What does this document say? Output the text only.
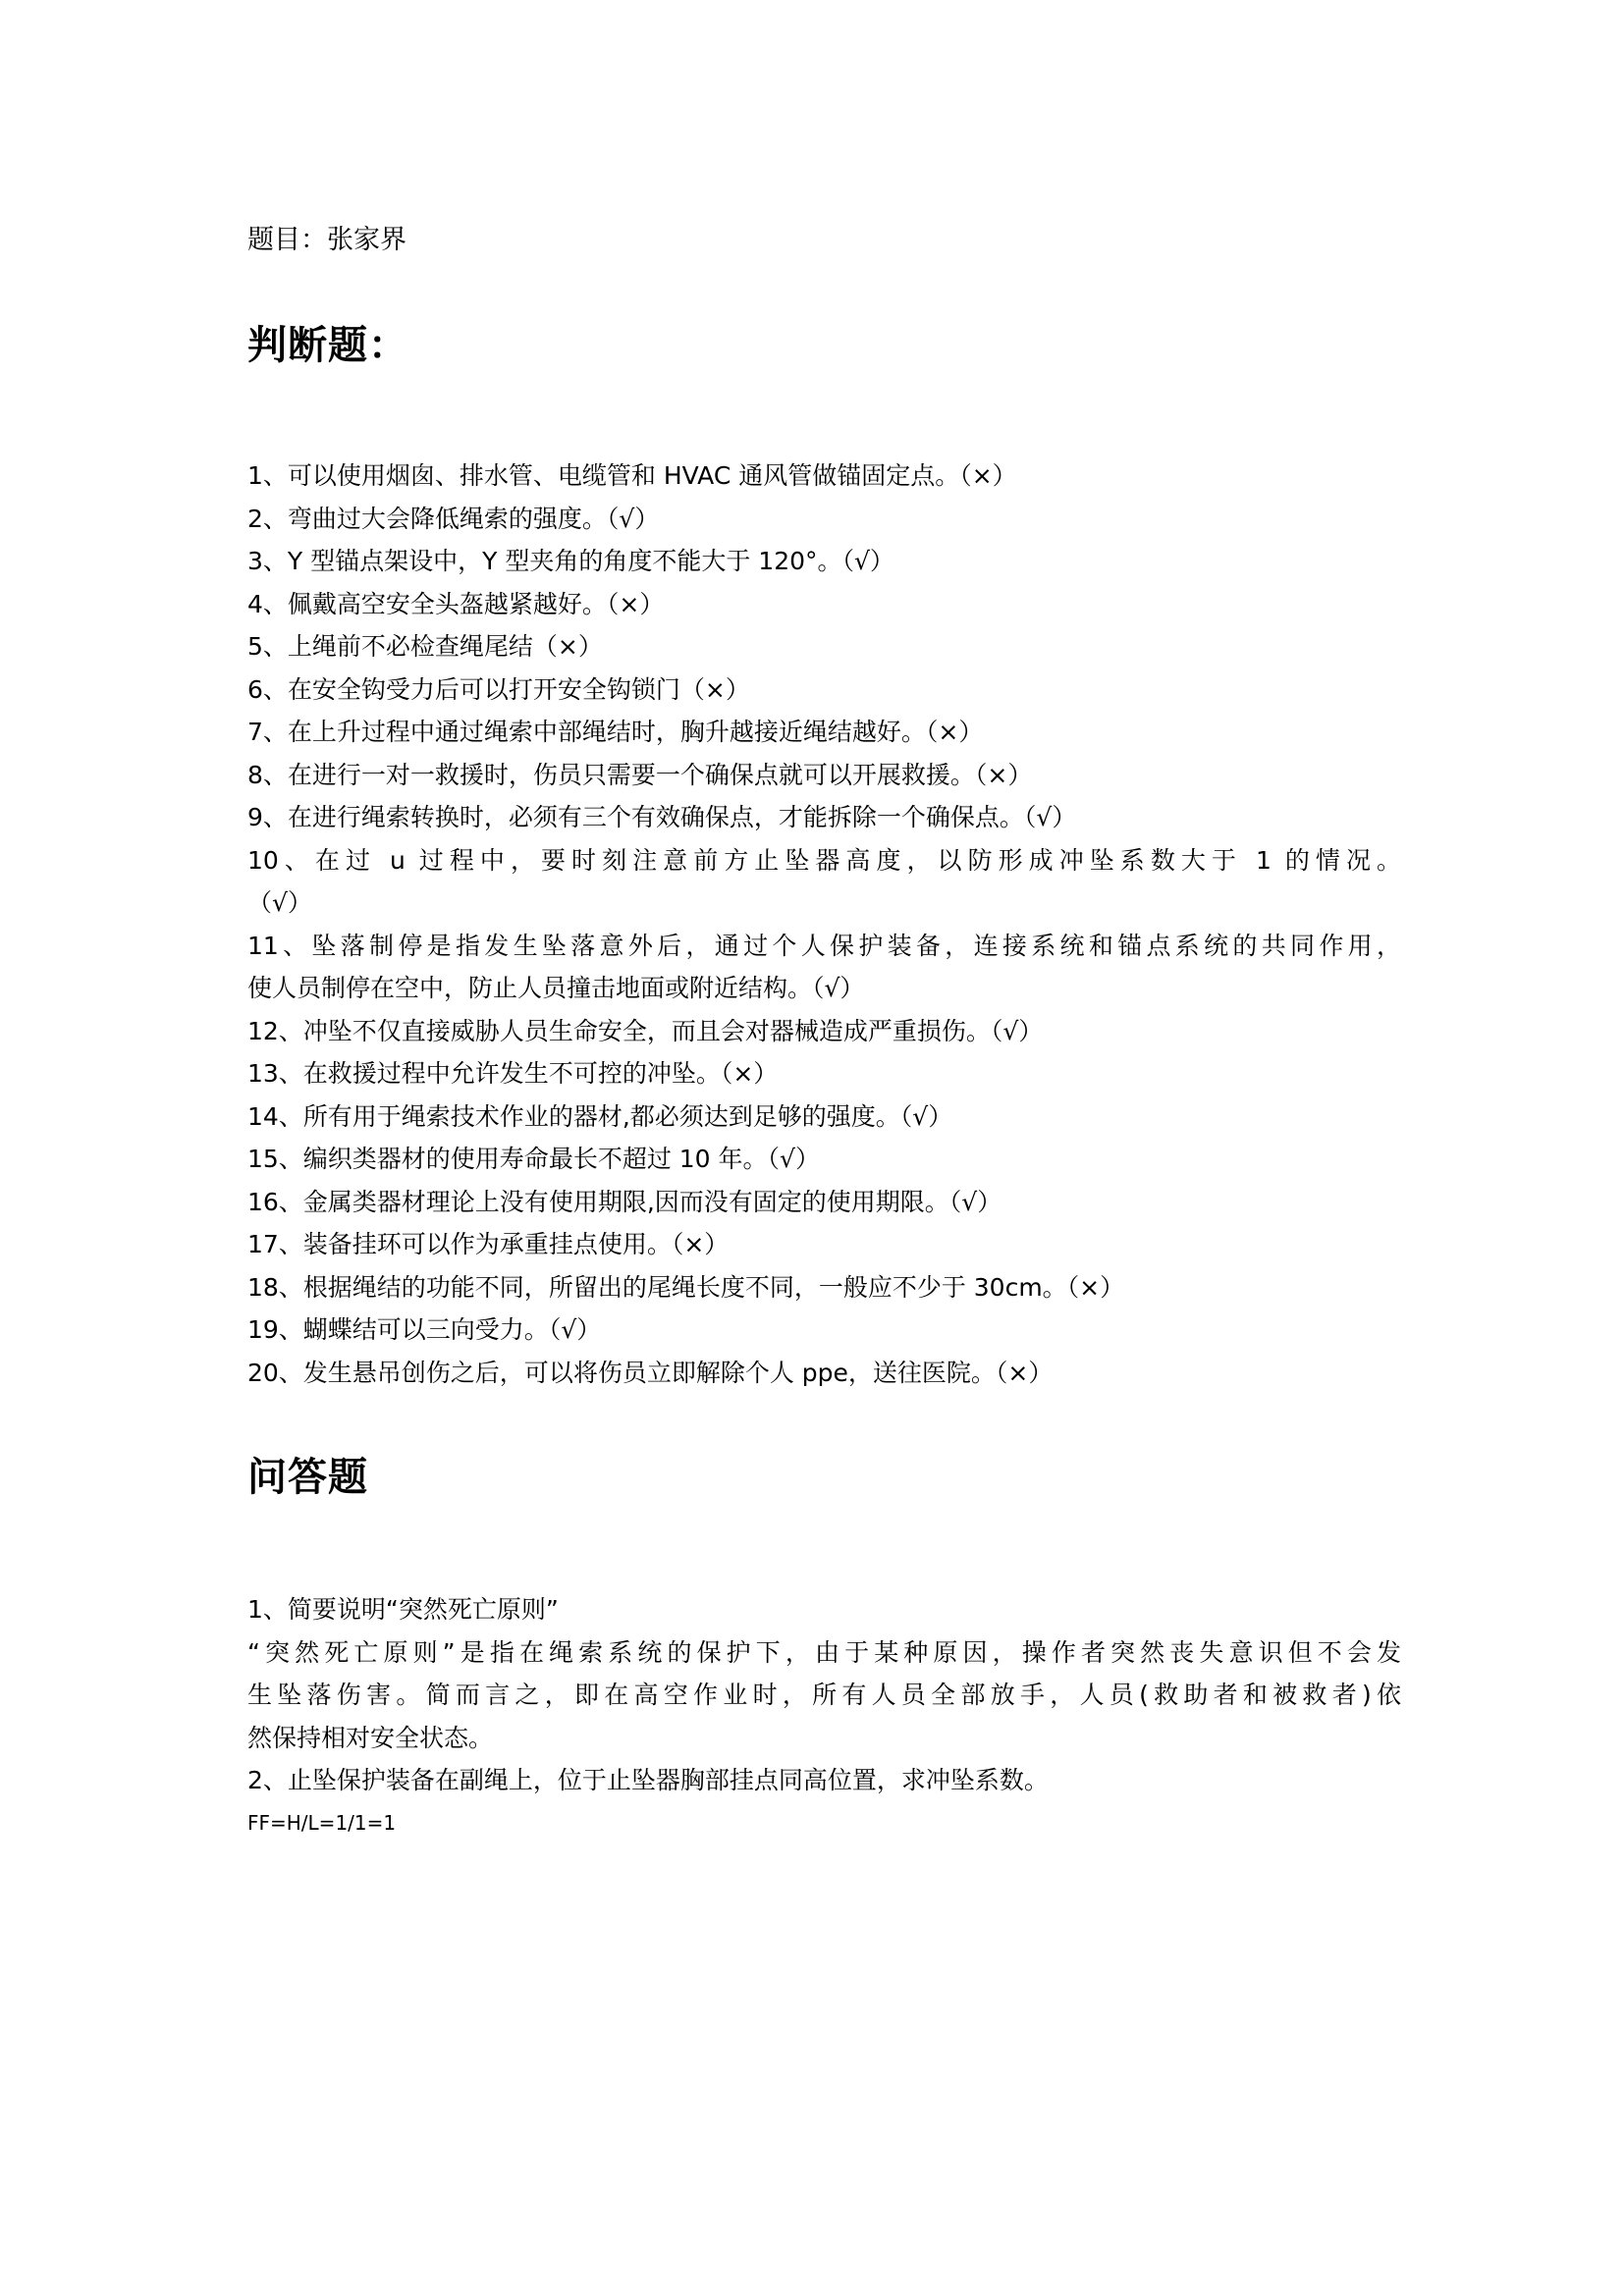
题目：张家界
判断题：
1、可以使用烟囱、排水管、电缆管和 HVAC 通风管做锚固定点。（×）
2、弯曲过大会降低绳索的强度。（√）
3、Y 型锚点架设中，Y 型夹角的角度不能大于 120°。（√）
4、佩戴高空安全头盔越紧越好。（×）
5、上绳前不必检查绳尾结（×）
6、在安全钩受力后可以打开安全钩锁门（×）
7、在上升过程中通过绳索中部绳结时，胸升越接近绳结越好。（×）
8、在进行一对一救援时，伤员只需要一个确保点就可以开展救援。（×）
9、在进行绳索转换时，必须有三个有效确保点，才能拆除一个确保点。（√）
10、在过 u 过程中，要时刻注意前方止坠器高度，以防形成冲坠系数大于 1 的情况。
（√）
11、坠落制停是指发生坠落意外后，通过个人保护装备，连接系统和锚点系统的共同作用，
使人员制停在空中，防止人员撞击地面或附近结构。（√）
12、冲坠不仅直接威胁人员生命安全，而且会对器械造成严重损伤。（√）
13、在救援过程中允许发生不可控的冲坠。（×）
14、所有用于绳索技术作业的器材,都必须达到足够的强度。（√）
15、编织类器材的使用寿命最长不超过 10 年。（√）
16、金属类器材理论上没有使用期限,因而没有固定的使用期限。（√）
17、装备挂环可以作为承重挂点使用。（×）
18、根据绳结的功能不同，所留出的尾绳长度不同，一般应不少于 30cm。（×）
19、蝴蝶结可以三向受力。（√）
20、发生悬吊创伤之后，可以将伤员立即解除个人 ppe，送往医院。（×）
问答题
1、简要说明“突然死亡原则”
“突然死亡原则”是指在绳索系统的保护下，由于某种原因，操作者突然丧失意识但不会发
生坠落伤害。简而言之，即在高空作业时，所有人员全部放手，人员(救助者和被救者)依
然保持相对安全状态。
2、止坠保护装备在副绳上，位于止坠器胸部挂点同高位置，求冲坠系数。
FF=H/L=1/1=1
